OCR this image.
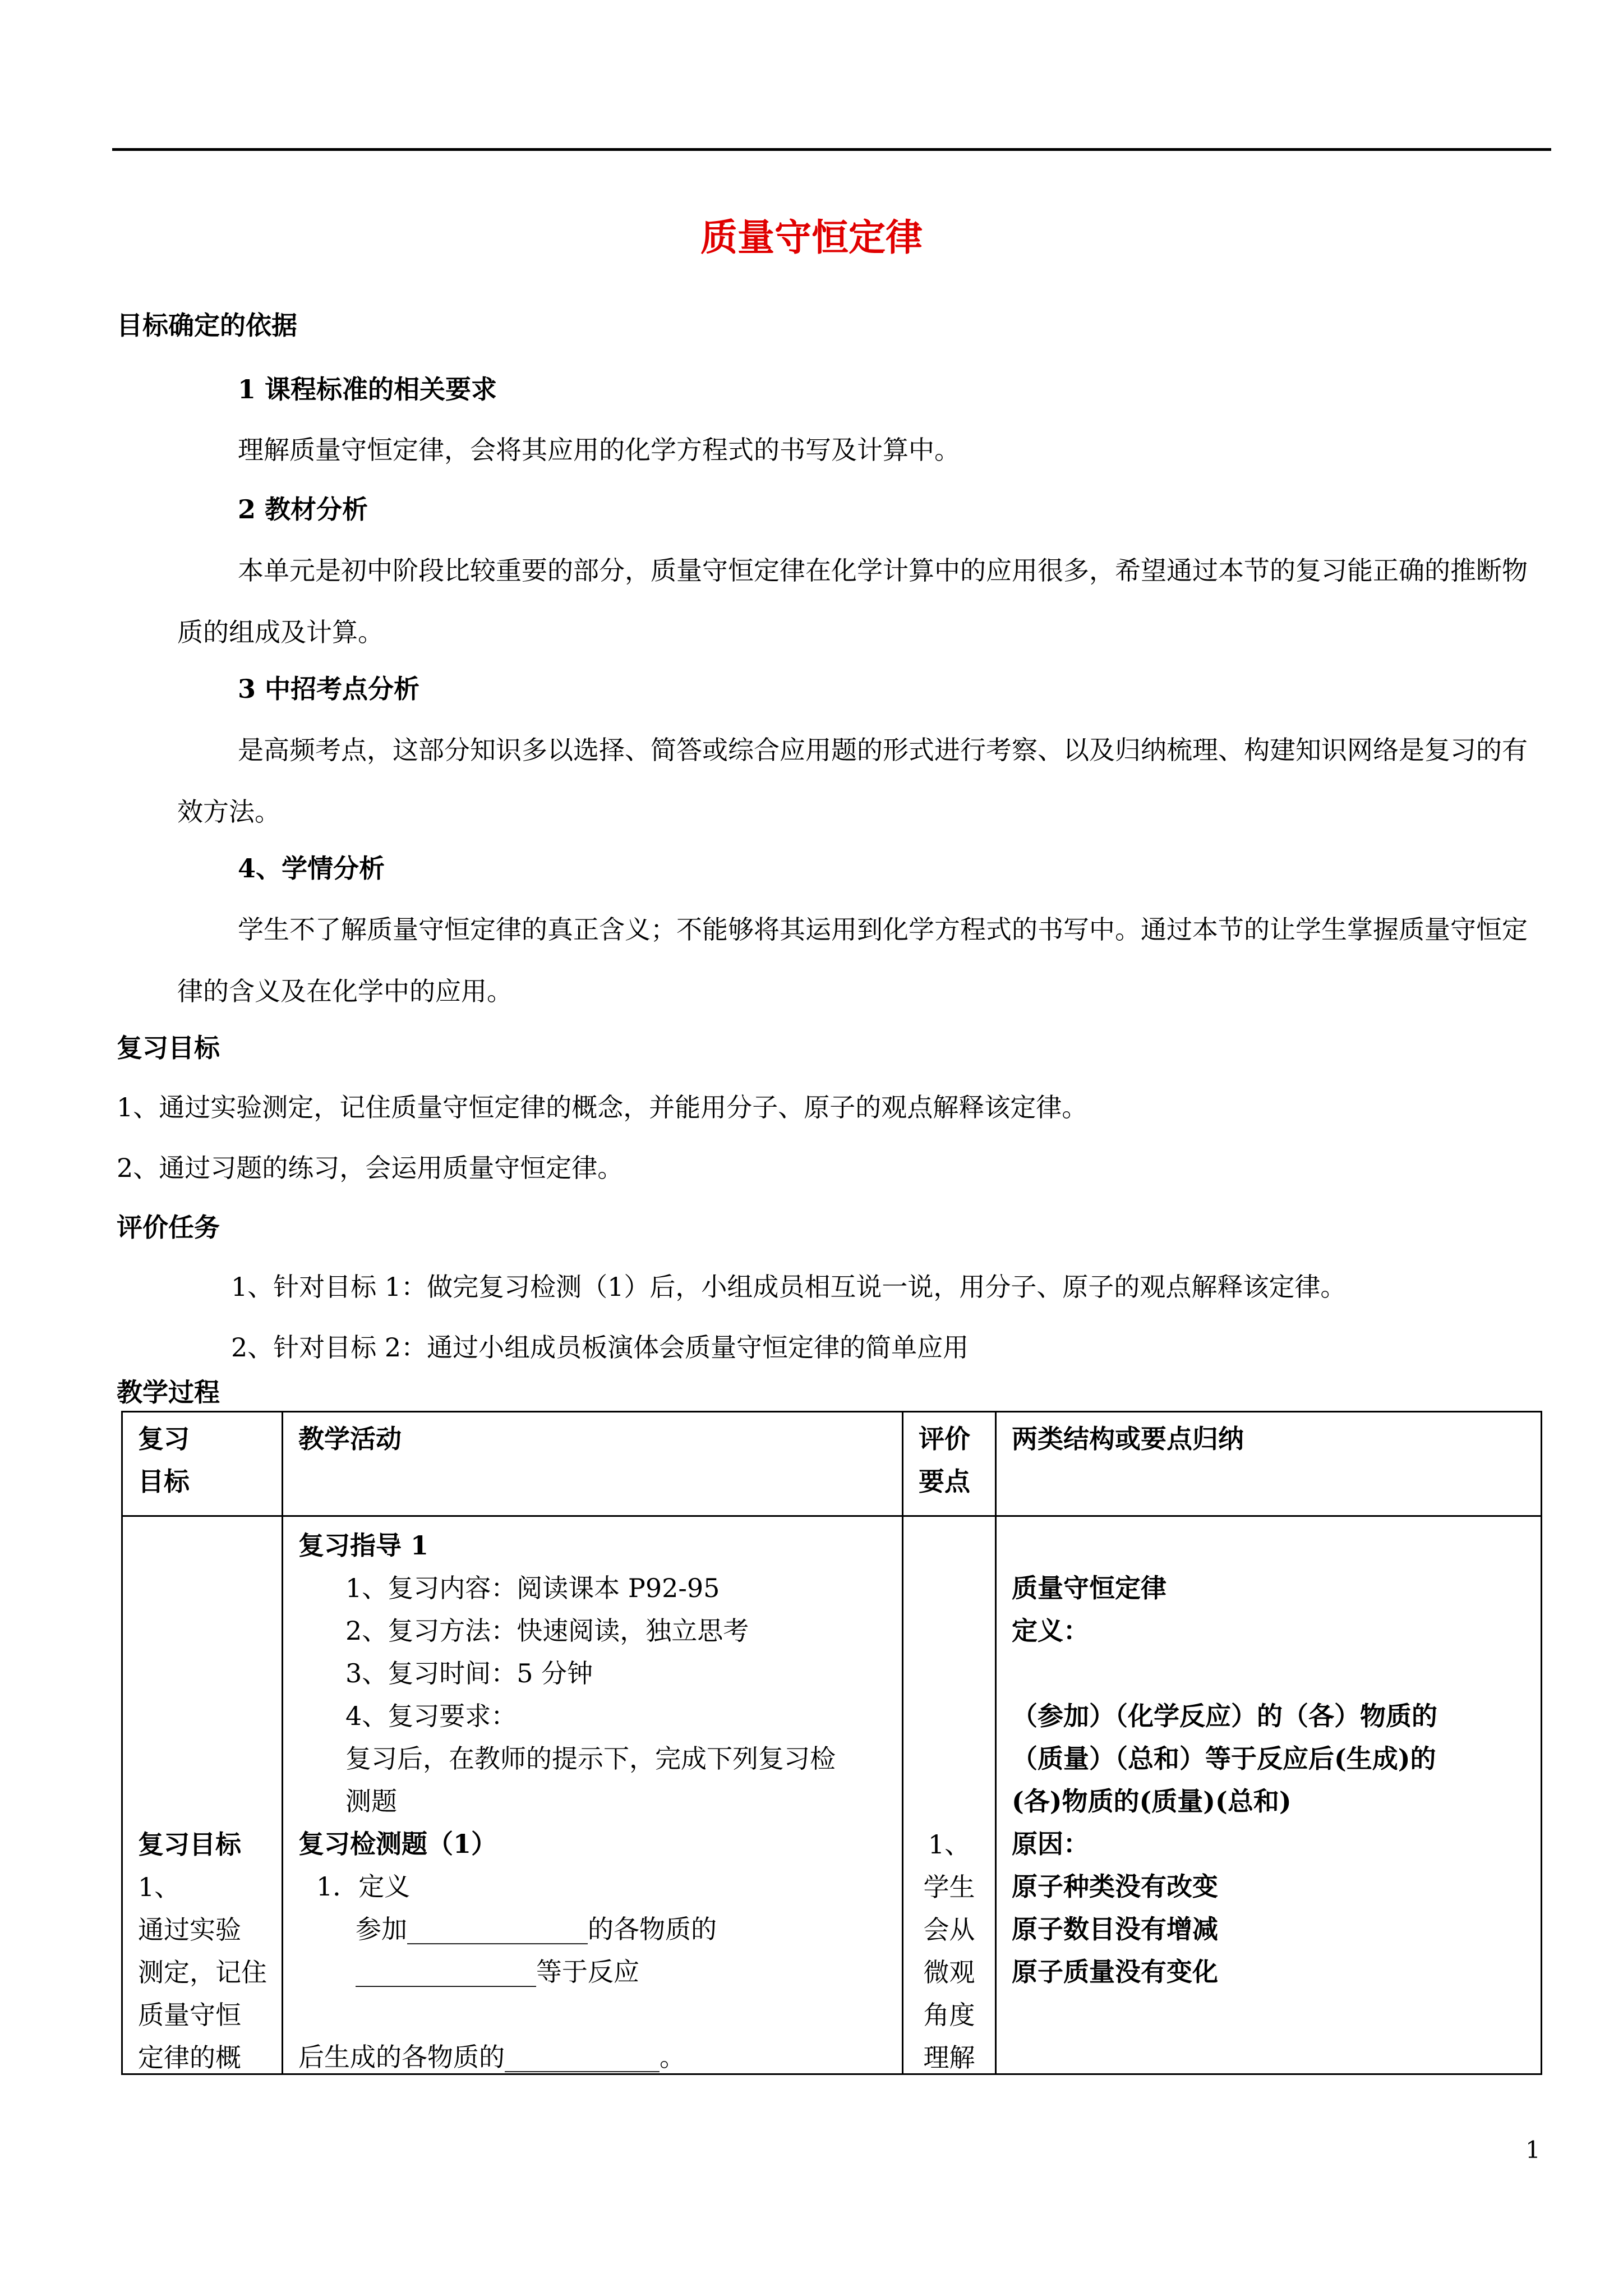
质量守恒定律
目标确定的依据
1 课程标准的相关要求
理解质量守恒定律，会将其应用的化学方程式的书写及计算中。
2 教材分析
本单元是初中阶段比较重要的部分，质量守恒定律在化学计算中的应用很多，希望通过本节的复习能正确的推断物质的组成及计算。
3 中招考点分析
是高频考点，这部分知识多以选择、简答或综合应用题的形式进行考察、以及归纳梳理、构建知识网络是复习的有效方法。
4、学情分析
学生不了解质量守恒定律的真正含义；不能够将其运用到化学方程式的书写中。通过本节的让学生掌握质量守恒定律的含义及在化学中的应用。
复习目标
1、通过实验测定，记住质量守恒定律的概念，并能用分子、原子的观点解释该定律。
2、通过习题的练习，会运用质量守恒定律。
评价任务
1、针对目标 1：做完复习检测（1）后，小组成员相互说一说，用分子、原子的观点解释该定律。
2、针对目标 2：通过小组成员板演体会质量守恒定律的简单应用
教学过程
复习
目标
教学活动	评价
要点
两类结构或要点归纳
复习目标
1、
通过实验
测定，记住
质量守恒
定律的概
复习指导 1
1、复习内容：阅读课本 P92-95
2、复习方法：快速阅读，独立思考
3、复习时间：5 分钟
4、复习要求：
复习后，在教师的提示下，完成下列复习检
测题
复习检测题（1）
1．定义
参加______________的各物质的
______________等于反应
后生成的各物质的____________。
1、
学生
会从
微观
角度
理解
质量守恒定律
定义：
（参加）（化学反应）的（各）物质的
（质量）（总和）等于反应后(生成)的
(各)物质的(质量)(总和)
原因：
原子种类没有改变
原子数目没有增减
原子质量没有变化
1
